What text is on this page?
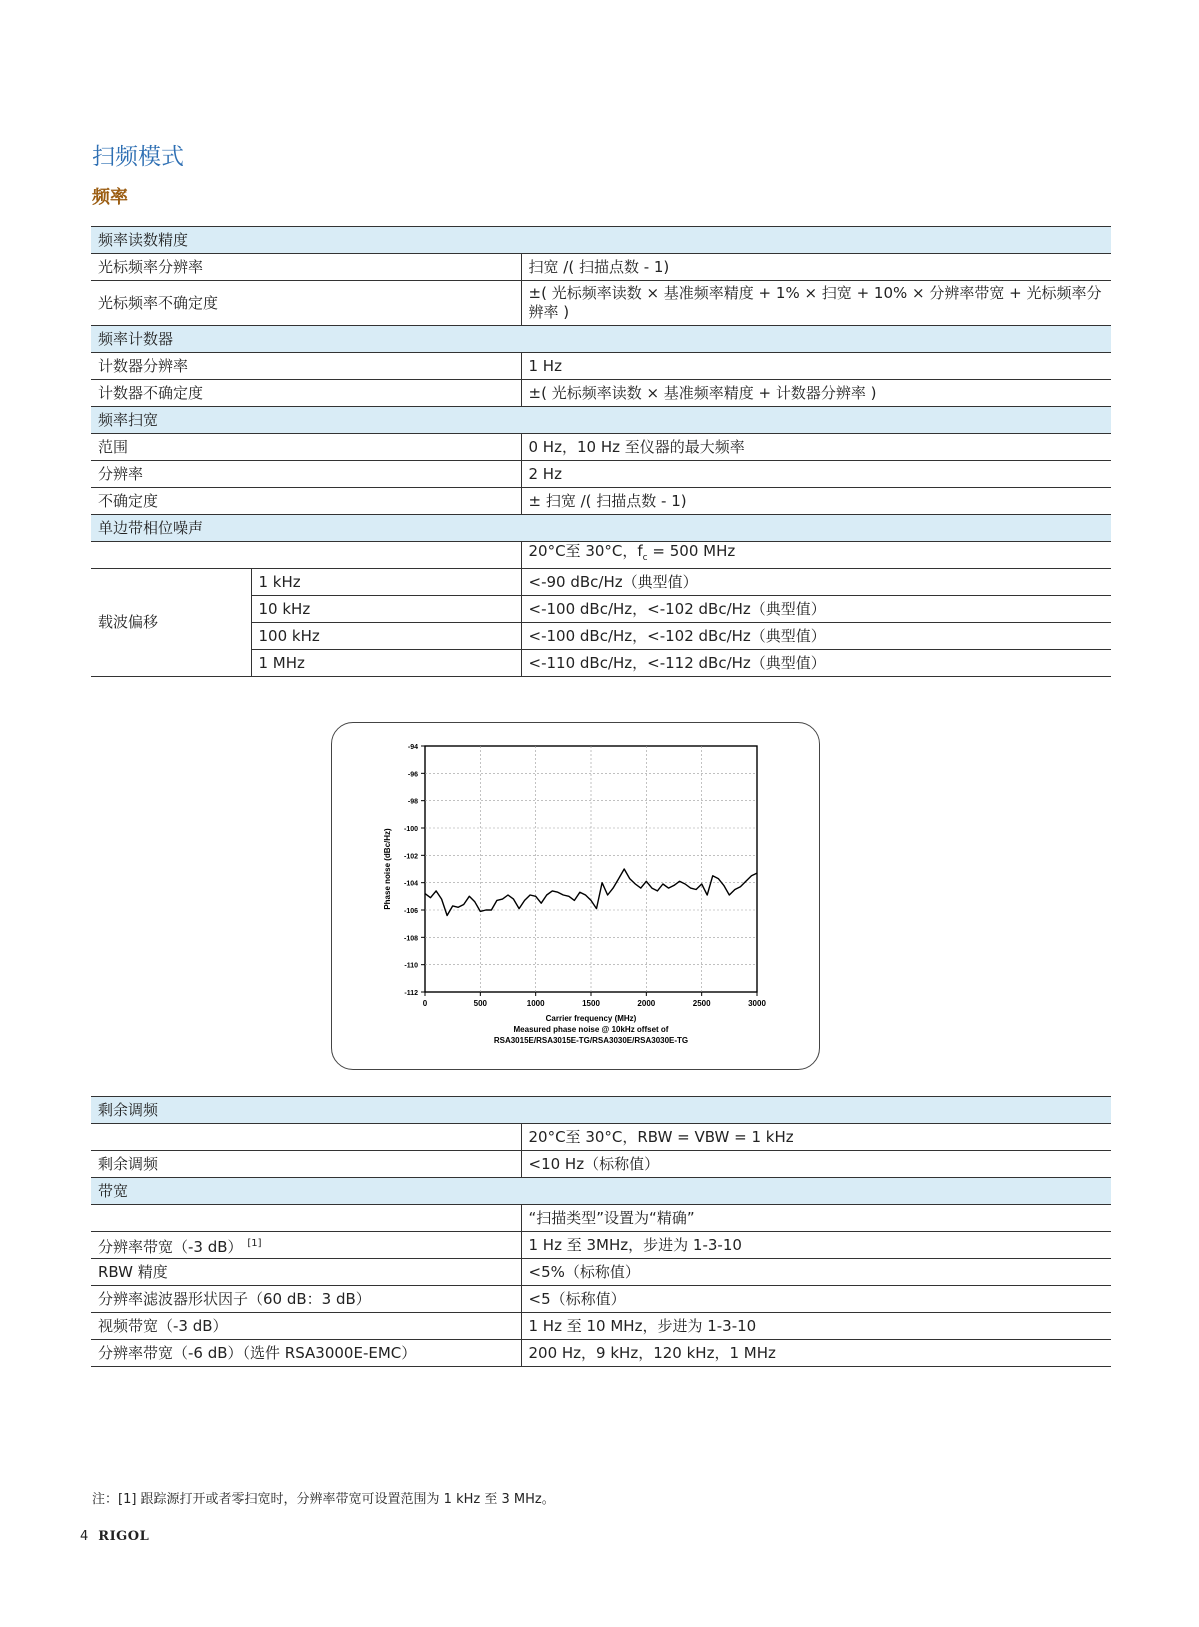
扫频模式
频率
频率读数精度		
光标频率分辨率		扫宽 /( 扫描点数 - 1)
光标频率不确定度		±( 光标频率读数 × 基准频率精度 + 1% × 扫宽 + 10% × 分辨率带宽 + 光标频率分辨率 )
频率计数器		
计数器分辨率		1 Hz
计数器不确定度		±( 光标频率读数 × 基准频率精度 + 计数器分辨率 )
频率扫宽		
范围		0 Hz，10 Hz 至仪器的最大频率
分辨率		2 Hz
不确定度		± 扫宽 /( 扫描点数 - 1)
单边带相位噪声		
		20°C至 30°C，$f_c = 500$ MHz
载波偏移	1 kHz	<-90 dBc/Hz（典型值）
	10 kHz	<-100 dBc/Hz，<-102 dBc/Hz（典型值）
	100 kHz	<-100 dBc/Hz，<-102 dBc/Hz（典型值）
	1 MHz	<-110 dBc/Hz，<-112 dBc/Hz（典型值）
0	500	1000	1500	2000	2500	3000
-94
-96
-98
-100
-102
-104
-106
-108
-110
-112
Phase noise (dBc/Hz)
Carrier frequency (MHz)
Measured phase noise @ 10kHz offset of
RSA3015E/RSA3015E-TG/RSA3030E/RSA3030E-TG
剩余调频	
	20°C至 30°C，RBW = VBW = 1 kHz
剩余调频	<10 Hz（标称值）
带宽	
	“扫描类型”设置为“精确”
分辨率带宽（-3 dB） [1]	1 Hz 至 3MHz，步进为 1-3-10
RBW 精度	<5%（标称值）
分辨率滤波器形状因子（60 dB：3 dB）	<5（标称值）
视频带宽（-3 dB）	1 Hz 至 10 MHz，步进为 1-3-10
分辨率带宽（-6 dB）（选件 RSA3000E-EMC）	200 Hz，9 kHz，120 kHz，1 MHz
注：[1] 跟踪源打开或者零扫宽时，分辨率带宽可设置范围为 1 kHz 至 3 MHz。
4 RIGOL
